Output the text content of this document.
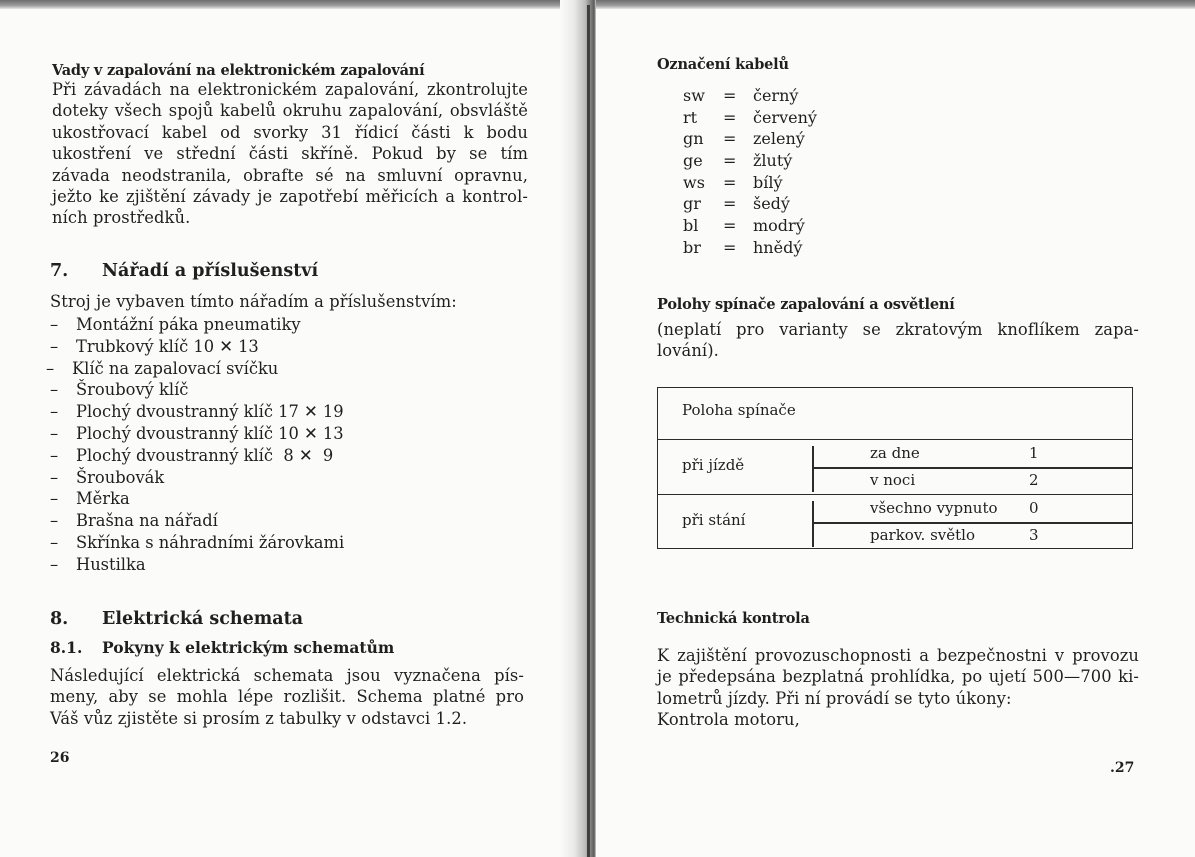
Vady v zapalování na elektronickém zapalování
Při závadách na elektronickém zapalování, zkontrolujte
doteky všech spojů kabelů okruhu zapalování, obsvláště
ukostřovací kabel od svorky 31 řídicí části k bodu
ukostření ve střední části skříně. Pokud by se tím
závada neodstranila, obrafte sé na smluvní opravnu,
ježto ke zjištění závady je zapotřebí měřicích a kontrol-
ních prostředků.
7. Nářadí a příslušenství
Stroj je vybaven tímto nářadím a příslušenstvím:
– Montážní páka pneumatiky
– Trubkový klíč 10 ✕ 13
– Klíč na zapalovací svíčku
– Šroubový klíč
– Plochý dvoustranný klíč 17 ✕ 19
– Plochý dvoustranný klíč 10 ✕ 13
– Plochý dvoustranný klíč  8 ✕  9
– Šroubovák
– Měrka
– Brašna na nářadí
– Skřínka s náhradními žárovkami
– Hustilka
8. Elektrická schemata
8.1. Pokyny k elektrickým schematům
Následující elektrická schemata jsou vyznačena pís-
meny, aby se mohla lépe rozlišit. Schema platné pro
Váš vůz zjistěte si prosím z tabulky v odstavci 1.2.
26
Označení kabelů
sw = černý
rt = červený
gn = zelený
ge = žlutý
ws = bílý
gr = šedý
bl = modrý
br = hnědý
Polohy spínače zapalování a osvětlení
(neplatí pro varianty se zkratovým knoflíkem zapa-
lování).
Poloha spínače
při jízdě
za dne	1
v noci	2
při stání
všechno vypnuto 0
parkov. světlo	3
Technická kontrola
K zajištění provozuschopnosti a bezpečnostni v provozu
je předepsána bezplatná prohlídka, po ujetí 500—700 ki-
lometrů jízdy. Při ní provádí se tyto úkony:
Kontrola motoru,
.27
